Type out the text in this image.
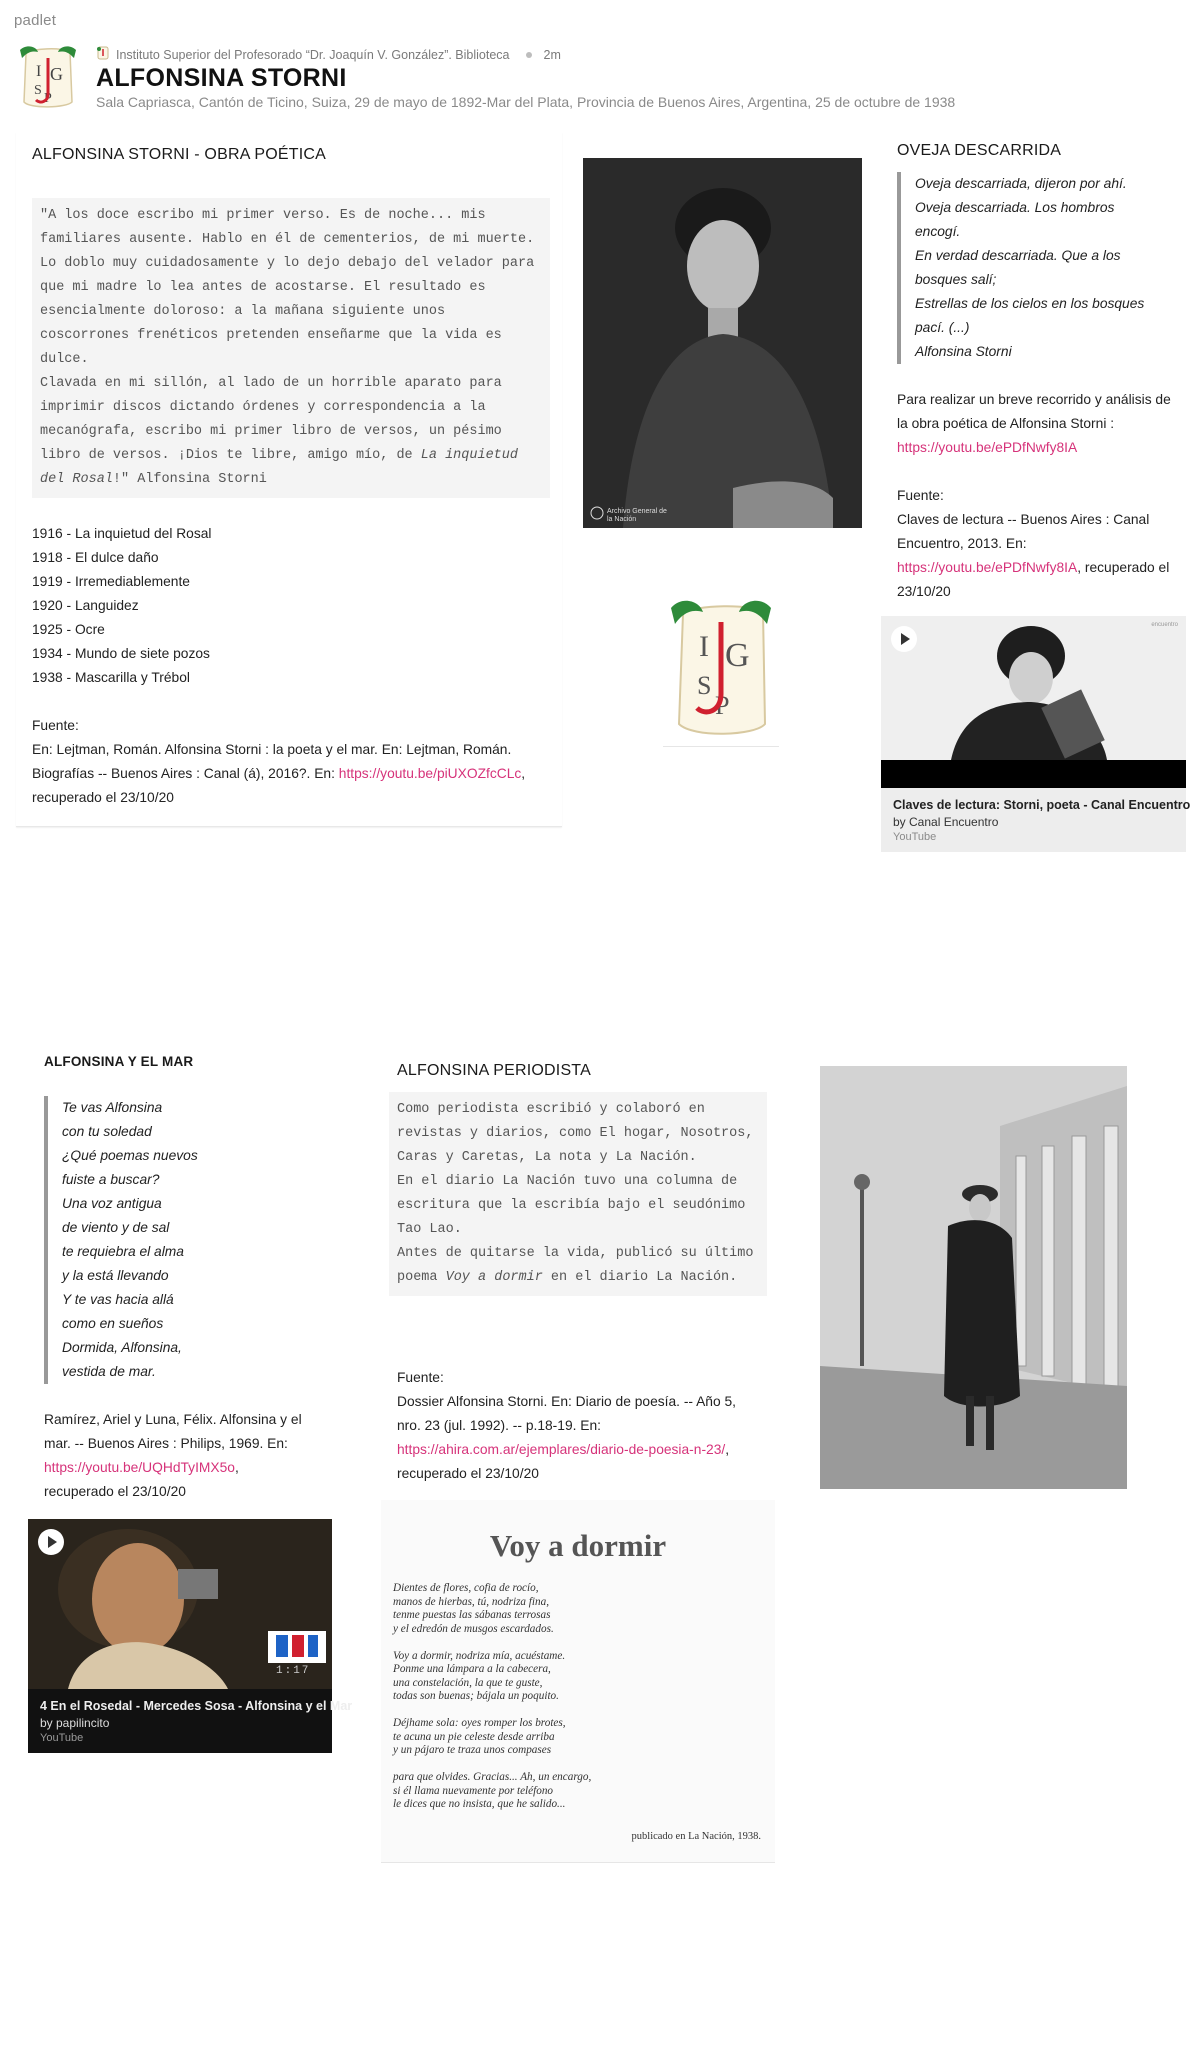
padlet
I G
S
P
Instituto Superior del Profesorado “Dr. Joaquín V. González”. Biblioteca	2m
ALFONSINA STORNI
Sala Capriasca, Cantón de Ticino, Suiza, 29 de mayo de 1892-Mar del Plata, Provincia de Buenos Aires, Argentina, 25 de octubre de 1938
ALFONSINA STORNI - OBRA POÉTICA
"A los doce escribo mi primer verso. Es de noche... mis familiares ausente. Hablo en él de cementerios, de mi muerte. Lo doblo muy cuidadosamente y lo dejo debajo del velador para que mi madre lo lea antes de acostarse. El resultado es esencialmente doloroso: a la mañana siguiente unos coscorrones frenéticos pretenden enseñarme que la vida es dulce.
Clavada en mi sillón, al lado de un horrible aparato para imprimir discos dictando órdenes y correspondencia a la mecanógrafa, escribo mi primer libro de versos, un pésimo libro de versos. ¡Dios te libre, amigo mío, de La inquietud del Rosal!" Alfonsina Storni
1916 - La inquietud del Rosal
1918 - El dulce daño
1919 - Irremediablemente
1920 - Languidez
1925 - Ocre
1934 - Mundo de siete pozos
1938 - Mascarilla y Trébol
Fuente:
En: Lejtman, Román. Alfonsina Storni : la poeta y el mar. En: Lejtman, Román. Biografías -- Buenos Aires : Canal (á), 2016?. En: https://youtu.be/piUXOZfcCLc, recuperado el 23/10/20
Archivo General de la Nación
I G
S
P
OVEJA DESCARRIDA
Oveja descarriada, dijeron por ahí.
Oveja descarriada. Los hombros encogí.
En verdad descarriada. Que a los bosques salí;
Estrellas de los cielos en los bosques pací. (...)
Alfonsina Storni
Para realizar un breve recorrido y análisis de la obra poética de Alfonsina Storni : https://youtu.be/ePDfNwfy8IA
Fuente:
Claves de lectura -- Buenos Aires : Canal Encuentro, 2013. En: https://youtu.be/ePDfNwfy8IA, recuperado el 23/10/20
encuentro
Claves de lectura: Storni, poeta - Canal Encuentro
by Canal Encuentro
YouTube
ALFONSINA Y EL MAR
Te vas Alfonsina
con tu soledad
¿Qué poemas nuevos
fuiste a buscar?
Una voz antigua
de viento y de sal
te requiebra el alma
y la está llevando
Y te vas hacia allá
como en sueños
Dormida, Alfonsina,
vestida de mar.
Ramírez, Ariel y Luna, Félix. Alfonsina y el mar. -- Buenos Aires : Philips, 1969. En: https://youtu.be/UQHdTyIMX5o, recuperado el 23/10/20
1:17
4 En el Rosedal - Mercedes Sosa - Alfonsina y el Mar
by papilincito
YouTube
ALFONSINA PERIODISTA
Como periodista escribió y colaboró en revistas y diarios, como El hogar, Nosotros, Caras y Caretas, La nota y La Nación.
En el diario La Nación tuvo una columna de escritura que la escribía bajo el seudónimo Tao Lao.
Antes de quitarse la vida, publicó su último poema Voy a dormir en el diario La Nación.
Fuente:
Dossier Alfonsina Storni. En: Diario de poesía. -- Año 5, nro. 23 (jul. 1992). -- p.18-19. En: https://ahira.com.ar/ejemplares/diario-de-poesia-n-23/, recuperado el 23/10/20
Voy a dormir
Dientes de flores, cofia de rocío,
manos de hierbas, tú, nodriza fina,
tenme puestas las sábanas terrosas
y el edredón de musgos escardados.

Voy a dormir, nodriza mía, acuéstame.
Ponme una lámpara a la cabecera,
una constelación, la que te guste,
todas son buenas; bájala un poquito.

Déjhame sola: oyes romper los brotes,
te acuna un pie celeste desde arriba
y un pájaro te traza unos compases

para que olvides. Gracias... Ah, un encargo,
si él llama nuevamente por teléfono
le dices que no insista, que he salido...
publicado en La Nación, 1938.
